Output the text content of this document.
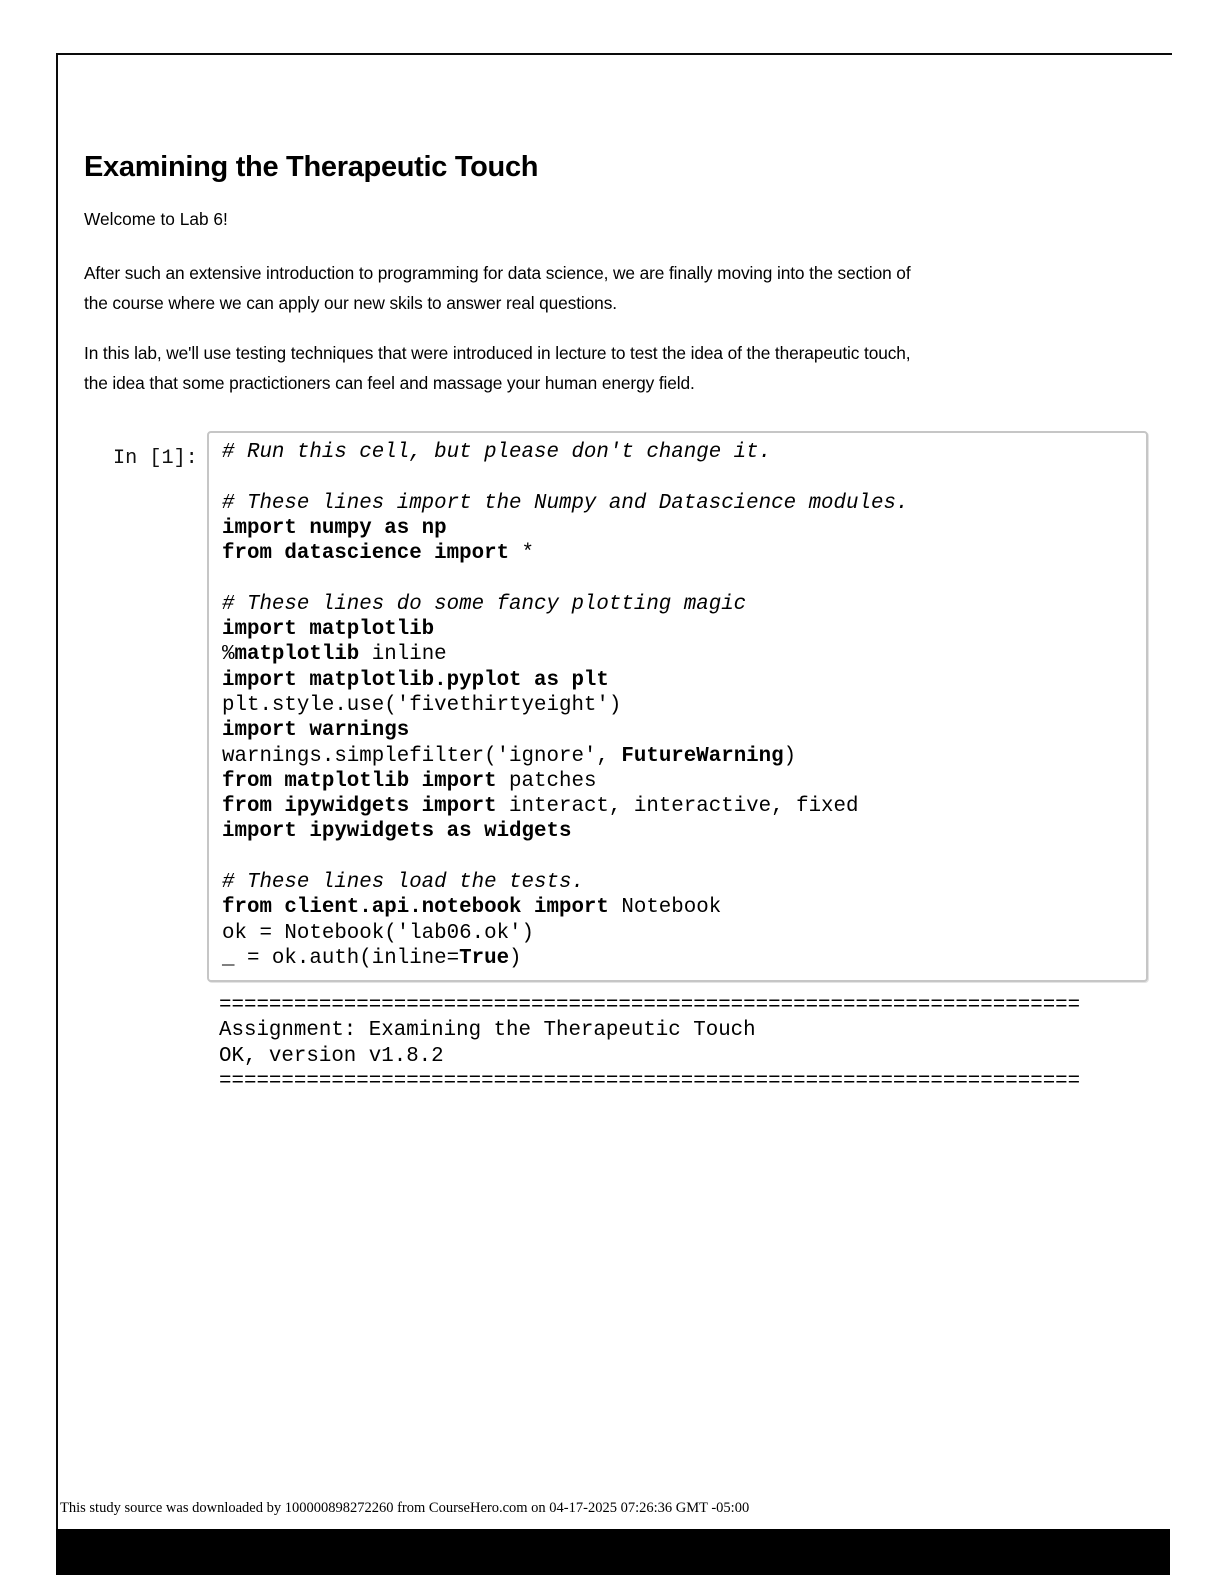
Examining the Therapeutic Touch

Welcome to Lab 6!

After such an extensive introduction to programming for data science, we are finally moving into the section of
the course where we can apply our new skils to answer real questions.

In this lab, we'll use testing techniques that were introduced in lecture to test the idea of the therapeutic touch,
the idea that some practictioners can feel and massage your human energy field.

In [1]: # Run this cell, but please don't change it.

# These lines import the Numpy and Datascience modules.
import numpy as np
from datascience import *

# These lines do some fancy plotting magic
import matplotlib
%matplotlib inline
import matplotlib.pyplot as plt
plt.style.use('fivethirtyeight')
import warnings
warnings.simplefilter('ignore', FutureWarning)
from matplotlib import patches
from ipywidgets import interact, interactive, fixed
import ipywidgets as widgets

# These lines load the tests.
from client.api.notebook import Notebook
ok = Notebook('lab06.ok')
_ = ok.auth(inline=True)
=====================================================================
Assignment: Examining the Therapeutic Touch
OK, version v1.8.2
=====================================================================
This study source was downloaded by 100000898272260 from CourseHero.com on 04-17-2025 07:26:36 GMT -05:00
